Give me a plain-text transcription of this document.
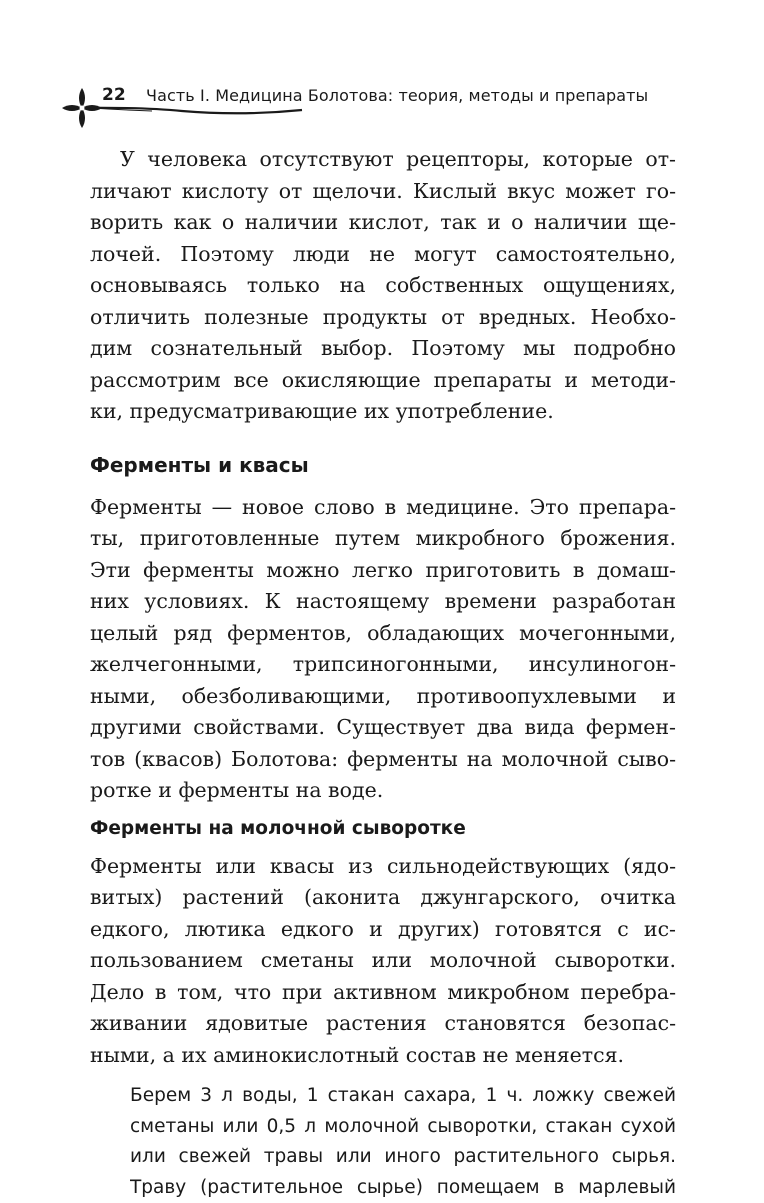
22 Часть I. Медицина Болотова: теория, методы и препараты
У человека отсутствуют рецепторы, которые от-
личают кислоту от щелочи. Кислый вкус может го-
ворить как о наличии кислот, так и о наличии ще-
лочей. Поэтому люди не могут самостоятельно,
основываясь только на собственных ощущениях,
отличить полезные продукты от вредных. Необхо-
дим сознательный выбор. Поэтому мы подробно
рассмотрим все окисляющие препараты и методи-
ки, предусматривающие их употребление.
Ферменты и квасы
Ферменты — новое слово в медицине. Это препара-
ты, приготовленные путем микробного брожения.
Эти ферменты можно легко приготовить в домаш-
них условиях. К настоящему времени разработан
целый ряд ферментов, обладающих мочегонными,
желчегонными, трипсиногонными, инсулиногон-
ными, обезболивающими, противоопухлевыми и
другими свойствами. Существует два вида фермен-
тов (квасов) Болотова: ферменты на молочной сыво-
ротке и ферменты на воде.
Ферменты на молочной сыворотке
Ферменты или квасы из сильнодействующих (ядо-
витых) растений (аконита джунгарского, очитка
едкого, лютика едкого и других) готовятся с ис-
пользованием сметаны или молочной сыворотки.
Дело в том, что при активном микробном перебра-
живании ядовитые растения становятся безопас-
ными, а их аминокислотный состав не меняется.
Берем 3 л воды, 1 стакан сахара, 1 ч. ложку свежей
сметаны или 0,5 л молочной сыворотки, стакан сухой
или свежей травы или иного растительного сырья.
Траву (растительное сырье) помещаем в марлевый
